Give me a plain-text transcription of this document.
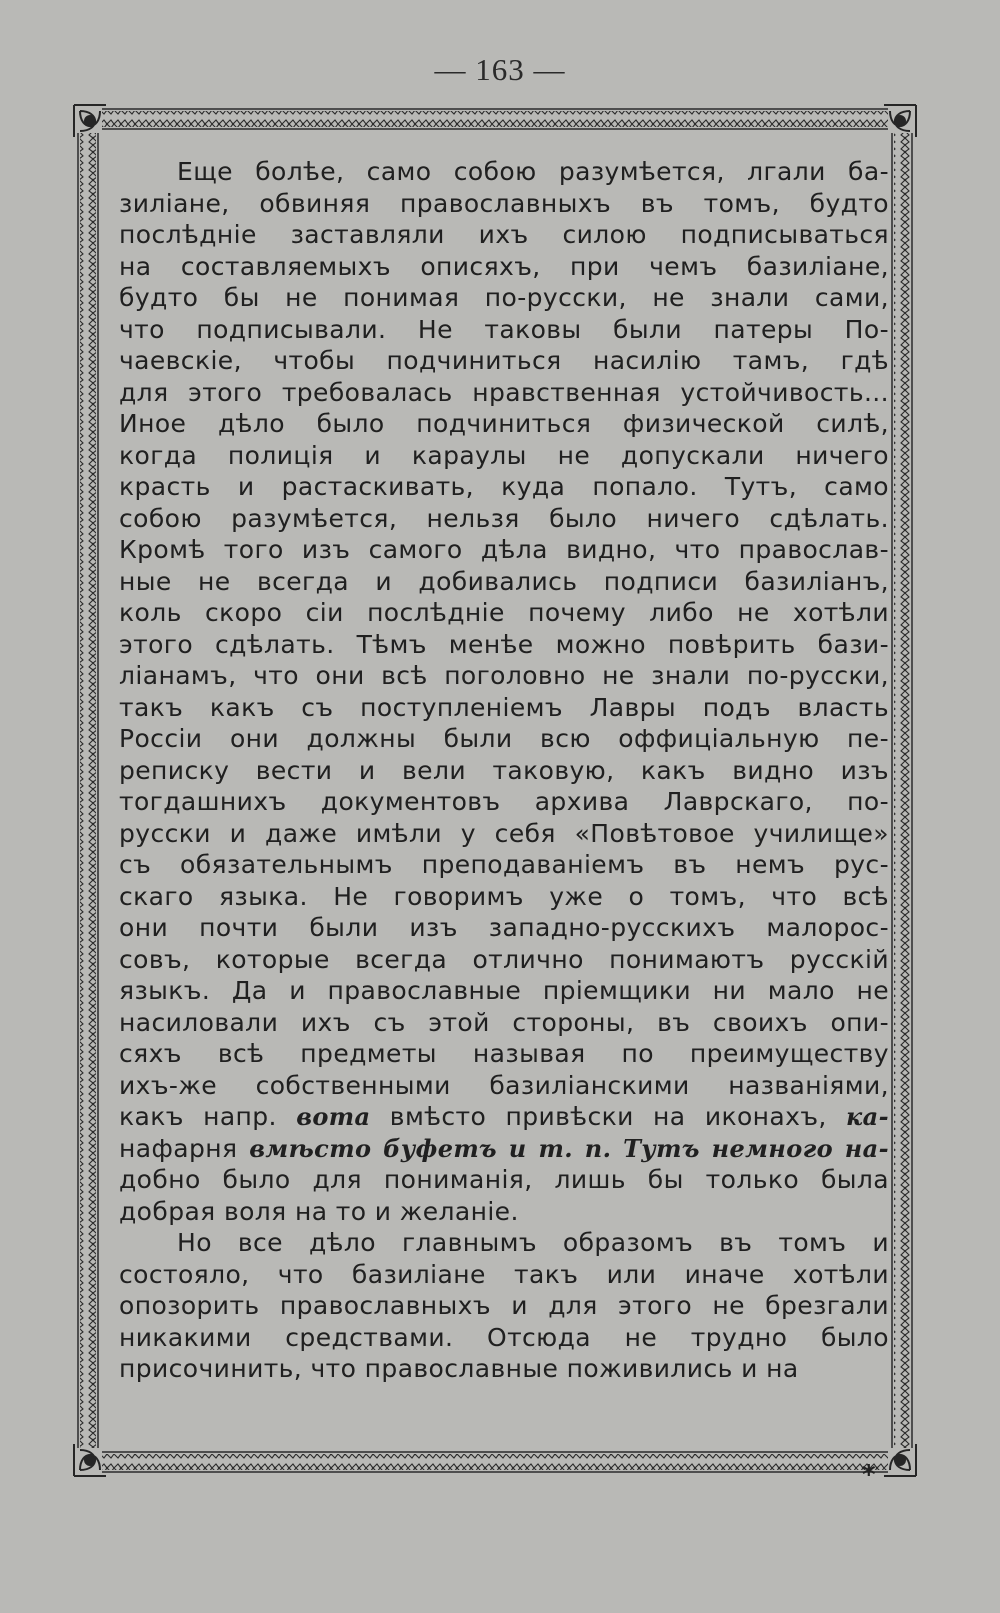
— 163 —
Еще болѣе, само собою разумѣется, лгали ба-
зиліане, обвиняя православныхъ въ томъ, будто
послѣдніе заставляли ихъ силою подписываться
на составляемыхъ описяхъ, при чемъ базиліане,
будто бы не понимая по-русски, не знали сами,
что подписывали. Не таковы были патеры По-
чаевскіе, чтобы подчиниться насилію тамъ, гдѣ
для этого требовалась нравственная устойчивость...
Иное дѣло было подчиниться физической силѣ,
когда полиція и караулы не допускали ничего
красть и растаскивать, куда попало. Тутъ, само
собою разумѣется, нельзя было ничего сдѣлать.
Кромѣ того изъ самого дѣла видно, что православ-
ные не всегда и добивались подписи базиліанъ,
коль скоро сіи послѣдніе почему либо не хотѣли
этого сдѣлать. Тѣмъ менѣе можно повѣрить бази-
ліанамъ, что они всѣ поголовно не знали по-русски,
такъ какъ съ поступленіемъ Лавры подъ власть
Россіи они должны были всю оффиціальную пе-
реписку вести и вели таковую, какъ видно изъ
тогдашнихъ документовъ архива Лаврскаго, по-
русски и даже имѣли у себя «Повѣтовое училище»
съ обязательнымъ преподаваніемъ въ немъ рус-
скаго языка. Не говоримъ уже о томъ, что всѣ
они почти были изъ западно-русскихъ малорос-
совъ, которые всегда отлично понимаютъ русскій
языкъ. Да и православные пріемщики ни мало не
насиловали ихъ съ этой стороны, въ своихъ опи-
сяхъ всѣ предметы называя по преимуществу
ихъ-же собственными базиліанскими названіями,
какъ напр. вота вмѣсто привѣски на иконахъ, ка-
нафарня вмѣсто буфетъ и т. п. Тутъ немного на-
добно было для пониманія, лишь бы только была
добрая воля на то и желаніе.
Но все дѣло главнымъ образомъ въ томъ и
состояло, что базиліане такъ или иначе хотѣли
опозорить православныхъ и для этого не брезгали
никакими средствами. Отсюда не трудно было
присочинить, что православные поживились и на
*
